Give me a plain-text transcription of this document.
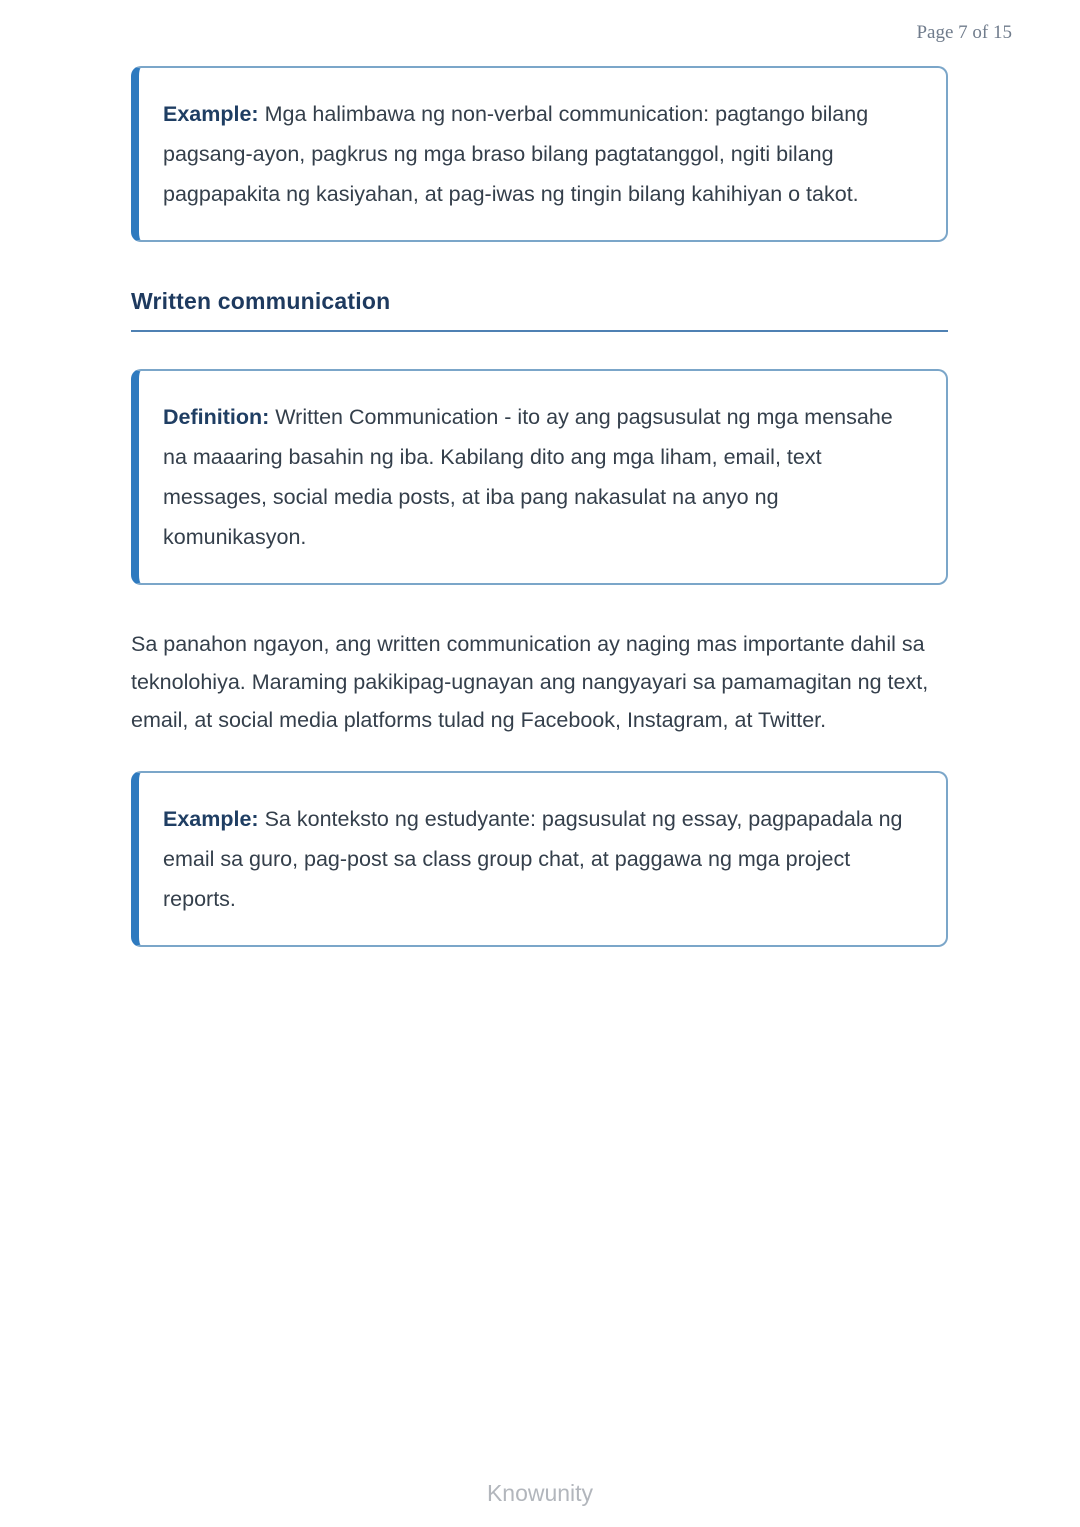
Page 7 of 15

Example: Mga halimbawa ng non-verbal communication: pagtango bilang pagsang-ayon, pagkrus ng mga braso bilang pagtatanggol, ngiti bilang pagpapakita ng kasiyahan, at pag-iwas ng tingin bilang kahihiyan o takot.

Written communication

Definition: Written Communication - ito ay ang pagsusulat ng mga mensahe na maaaring basahin ng iba. Kabilang dito ang mga liham, email, text messages, social media posts, at iba pang nakasulat na anyo ng komunikasyon.

Sa panahon ngayon, ang written communication ay naging mas importante dahil sa teknolohiya. Maraming pakikipag-ugnayan ang nangyayari sa pamamagitan ng text, email, at social media platforms tulad ng Facebook, Instagram, at Twitter.

Example: Sa konteksto ng estudyante: pagsusulat ng essay, pagpapadala ng email sa guro, pag-post sa class group chat, at paggawa ng mga project reports.

Knowunity
